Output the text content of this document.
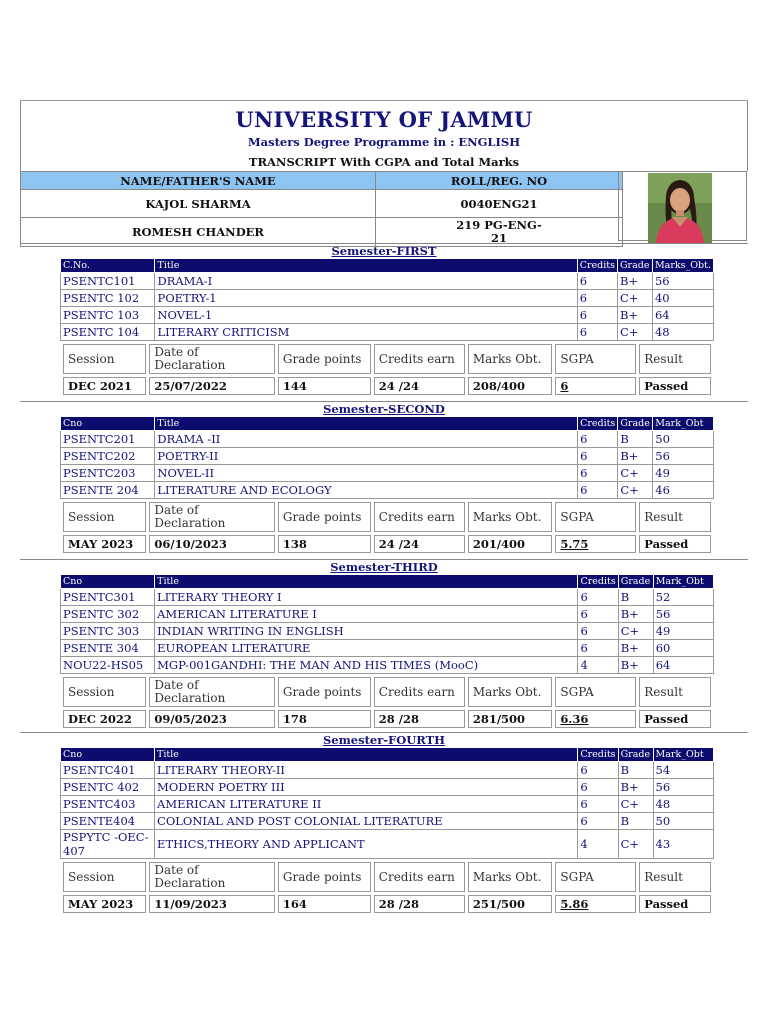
UNIVERSITY OF JAMMU
Masters Degree Programme in : ENGLISH
TRANSCRIPT With CGPA and Total Marks
NAME/FATHER'S NAME	ROLL/REG. NO
KAJOL SHARMA	0040ENG21
ROMESH CHANDER	219 PG-ENG-21
Semester-FIRST
C.No.	Title	Credits	Grade	Marks_Obt.
PSENTC101	DRAMA-I	6	B+	56
PSENTC 102	POETRY-1	6	C+	40
PSENTC 103	NOVEL-1	6	B+	64
PSENTC 104	LITERARY CRITICISM	6	C+	48
Session	Date of Declaration	Grade points	Credits earn	Marks Obt.	SGPA	Result
DEC 2021	25/07/2022	144	24 /24	208/400	6	Passed
Semester-SECOND
Cno	Title	Credits	Grade	Mark_Obt
PSENTC201	DRAMA -II	6	B	50
PSENTC202	POETRY-II	6	B+	56
PSENTC203	NOVEL-II	6	C+	49
PSENTE 204	LITERATURE AND ECOLOGY	6	C+	46
Session	Date of Declaration	Grade points	Credits earn	Marks Obt.	SGPA	Result
MAY 2023	06/10/2023	138	24 /24	201/400	5.75	Passed
Semester-THIRD
Cno	Title	Credits	Grade	Mark_Obt
PSENTC301	LITERARY THEORY I	6	B	52
PSENTC 302	AMERICAN LITERATURE I	6	B+	56
PSENTC 303	INDIAN WRITING IN ENGLISH	6	C+	49
PSENTE 304	EUROPEAN LITERATURE	6	B+	60
NOU22-HS05	MGP-001GANDHI: THE MAN AND HIS TIMES (MooC)	4	B+	64
Session	Date of Declaration	Grade points	Credits earn	Marks Obt.	SGPA	Result
DEC 2022	09/05/2023	178	28 /28	281/500	6.36	Passed
Semester-FOURTH
Cno	Title	Credits	Grade	Mark_Obt
PSENTC401	LITERARY THEORY-II	6	B	54
PSENTC 402	MODERN POETRY III	6	B+	56
PSENTC403	AMERICAN LITERATURE II	6	C+	48
PSENTE404	COLONIAL AND POST COLONIAL LITERATURE	6	B	50
PSPYTC -OEC-407	ETHICS,THEORY AND APPLICANT	4	C+	43
Session	Date of Declaration	Grade points	Credits earn	Marks Obt.	SGPA	Result
MAY 2023	11/09/2023	164	28 /28	251/500	5.86	Passed
